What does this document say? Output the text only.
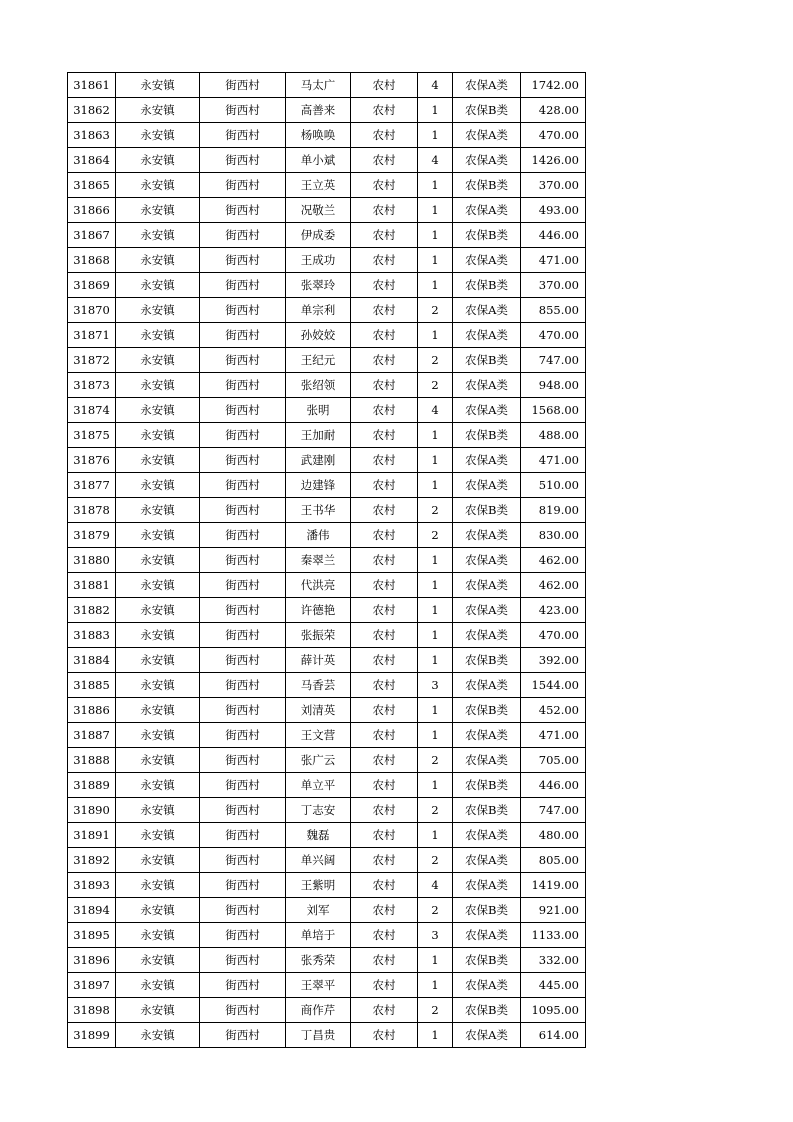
31861	永安镇	街西村	马太广	农村	4	农保A类	1742.00
31862	永安镇	街西村	高善来	农村	1	农保B类	428.00
31863	永安镇	街西村	杨唤唤	农村	1	农保A类	470.00
31864	永安镇	街西村	单小斌	农村	4	农保A类	1426.00
31865	永安镇	街西村	王立英	农村	1	农保B类	370.00
31866	永安镇	街西村	况敬兰	农村	1	农保A类	493.00
31867	永安镇	街西村	伊成委	农村	1	农保B类	446.00
31868	永安镇	街西村	王成功	农村	1	农保A类	471.00
31869	永安镇	街西村	张翠玲	农村	1	农保B类	370.00
31870	永安镇	街西村	单宗利	农村	2	农保A类	855.00
31871	永安镇	街西村	孙姣姣	农村	1	农保A类	470.00
31872	永安镇	街西村	王纪元	农村	2	农保B类	747.00
31873	永安镇	街西村	张绍领	农村	2	农保A类	948.00
31874	永安镇	街西村	张明	农村	4	农保A类	1568.00
31875	永安镇	街西村	王加耐	农村	1	农保B类	488.00
31876	永安镇	街西村	武建刚	农村	1	农保A类	471.00
31877	永安镇	街西村	边建锋	农村	1	农保A类	510.00
31878	永安镇	街西村	王书华	农村	2	农保B类	819.00
31879	永安镇	街西村	潘伟	农村	2	农保A类	830.00
31880	永安镇	街西村	秦翠兰	农村	1	农保A类	462.00
31881	永安镇	街西村	代洪亮	农村	1	农保A类	462.00
31882	永安镇	街西村	许德艳	农村	1	农保A类	423.00
31883	永安镇	街西村	张振荣	农村	1	农保A类	470.00
31884	永安镇	街西村	薛计英	农村	1	农保B类	392.00
31885	永安镇	街西村	马香芸	农村	3	农保A类	1544.00
31886	永安镇	街西村	刘清英	农村	1	农保B类	452.00
31887	永安镇	街西村	王文营	农村	1	农保A类	471.00
31888	永安镇	街西村	张广云	农村	2	农保A类	705.00
31889	永安镇	街西村	单立平	农村	1	农保B类	446.00
31890	永安镇	街西村	丁志安	农村	2	农保B类	747.00
31891	永安镇	街西村	魏磊	农村	1	农保A类	480.00
31892	永安镇	街西村	单兴阔	农村	2	农保A类	805.00
31893	永安镇	街西村	王紫明	农村	4	农保A类	1419.00
31894	永安镇	街西村	刘军	农村	2	农保B类	921.00
31895	永安镇	街西村	单培于	农村	3	农保A类	1133.00
31896	永安镇	街西村	张秀荣	农村	1	农保B类	332.00
31897	永安镇	街西村	王翠平	农村	1	农保A类	445.00
31898	永安镇	街西村	商作芹	农村	2	农保B类	1095.00
31899	永安镇	街西村	丁昌贵	农村	1	农保A类	614.00
